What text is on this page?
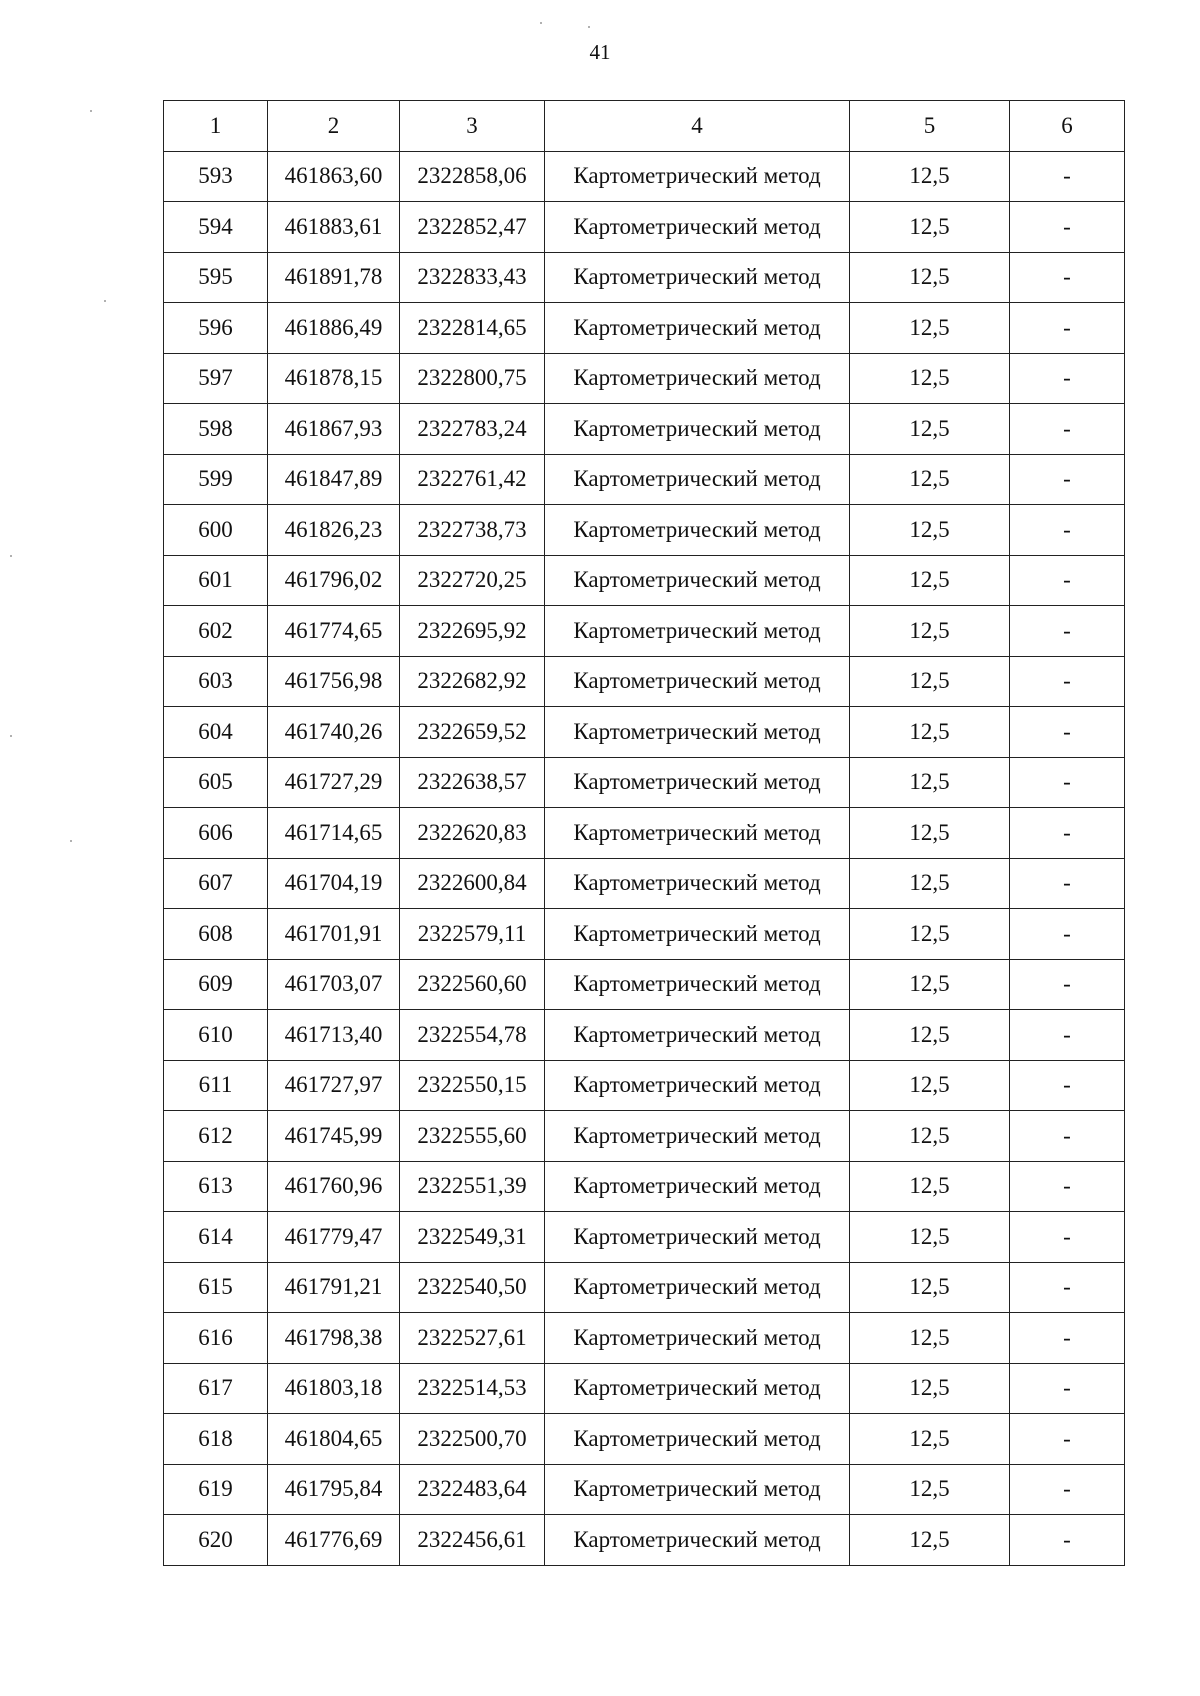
41
1	2	3	4	5	6
593	461863,60	2322858,06	Картометрический метод	12,5	-
594	461883,61	2322852,47	Картометрический метод	12,5	-
595	461891,78	2322833,43	Картометрический метод	12,5	-
596	461886,49	2322814,65	Картометрический метод	12,5	-
597	461878,15	2322800,75	Картометрический метод	12,5	-
598	461867,93	2322783,24	Картометрический метод	12,5	-
599	461847,89	2322761,42	Картометрический метод	12,5	-
600	461826,23	2322738,73	Картометрический метод	12,5	-
601	461796,02	2322720,25	Картометрический метод	12,5	-
602	461774,65	2322695,92	Картометрический метод	12,5	-
603	461756,98	2322682,92	Картометрический метод	12,5	-
604	461740,26	2322659,52	Картометрический метод	12,5	-
605	461727,29	2322638,57	Картометрический метод	12,5	-
606	461714,65	2322620,83	Картометрический метод	12,5	-
607	461704,19	2322600,84	Картометрический метод	12,5	-
608	461701,91	2322579,11	Картометрический метод	12,5	-
609	461703,07	2322560,60	Картометрический метод	12,5	-
610	461713,40	2322554,78	Картометрический метод	12,5	-
611	461727,97	2322550,15	Картометрический метод	12,5	-
612	461745,99	2322555,60	Картометрический метод	12,5	-
613	461760,96	2322551,39	Картометрический метод	12,5	-
614	461779,47	2322549,31	Картометрический метод	12,5	-
615	461791,21	2322540,50	Картометрический метод	12,5	-
616	461798,38	2322527,61	Картометрический метод	12,5	-
617	461803,18	2322514,53	Картометрический метод	12,5	-
618	461804,65	2322500,70	Картометрический метод	12,5	-
619	461795,84	2322483,64	Картометрический метод	12,5	-
620	461776,69	2322456,61	Картометрический метод	12,5	-
